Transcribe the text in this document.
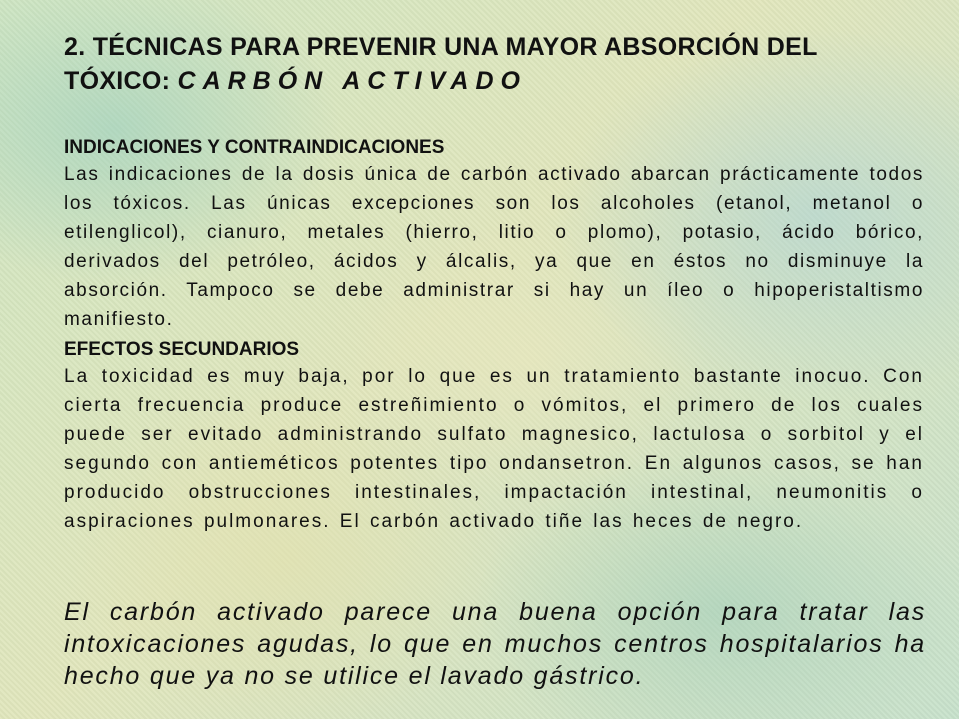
2. TÉCNICAS PARA PREVENIR UNA MAYOR ABSORCIÓN DEL TÓXICO: CARBÓN ACTIVADO
INDICACIONES Y CONTRAINDICACIONES

Las indicaciones de la dosis única de carbón activado abarcan prácticamente todos los tóxicos. Las únicas excepciones son los alcoholes (etanol, metanol o etilenglicol), cianuro, metales (hierro, litio o plomo), potasio, ácido bórico, derivados del petróleo, ácidos y álcalis, ya que en éstos no disminuye la absorción. Tampoco se debe administrar si hay un íleo o hipoperistaltismo manifiesto.

EFECTOS SECUNDARIOS

La toxicidad es muy baja, por lo que es un tratamiento bastante inocuo. Con cierta frecuencia produce estreñimiento o vómitos, el primero de los cuales puede ser evitado administrando sulfato magnesico, lactulosa o sorbitol y el segundo con antieméticos potentes tipo ondansetron. En algunos casos, se han producido obstrucciones intestinales, impactación intestinal, neumonitis o aspiraciones pulmonares. El carbón activado tiñe las heces de negro.

El carbón activado parece una buena opción para tratar las intoxicaciones agudas, lo que en muchos centros hospitalarios ha hecho que ya no se utilice el lavado gástrico.
